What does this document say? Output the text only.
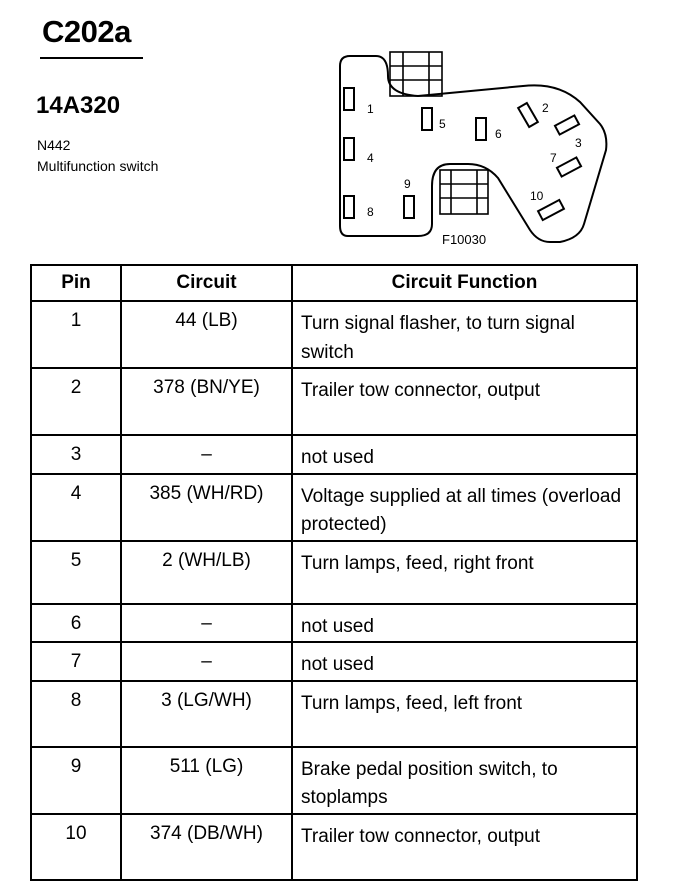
C202a
14A320
N442
Multifunction switch
1
4
8
5
6
9
2
3
7
10
F10030
Pin	Circuit	Circuit Function
1	44 (LB)	Turn signal flasher, to turn signal switch
2	378 (BN/YE)	Trailer tow connector, output
3	–	not used
4	385 (WH/RD)	Voltage supplied at all times (overload protected)
5	2 (WH/LB)	Turn lamps, feed, right front
6	–	not used
7	–	not used
8	3 (LG/WH)	Turn lamps, feed, left front
9	511 (LG)	Brake pedal position switch, to stoplamps
10	374 (DB/WH)	Trailer tow connector, output
